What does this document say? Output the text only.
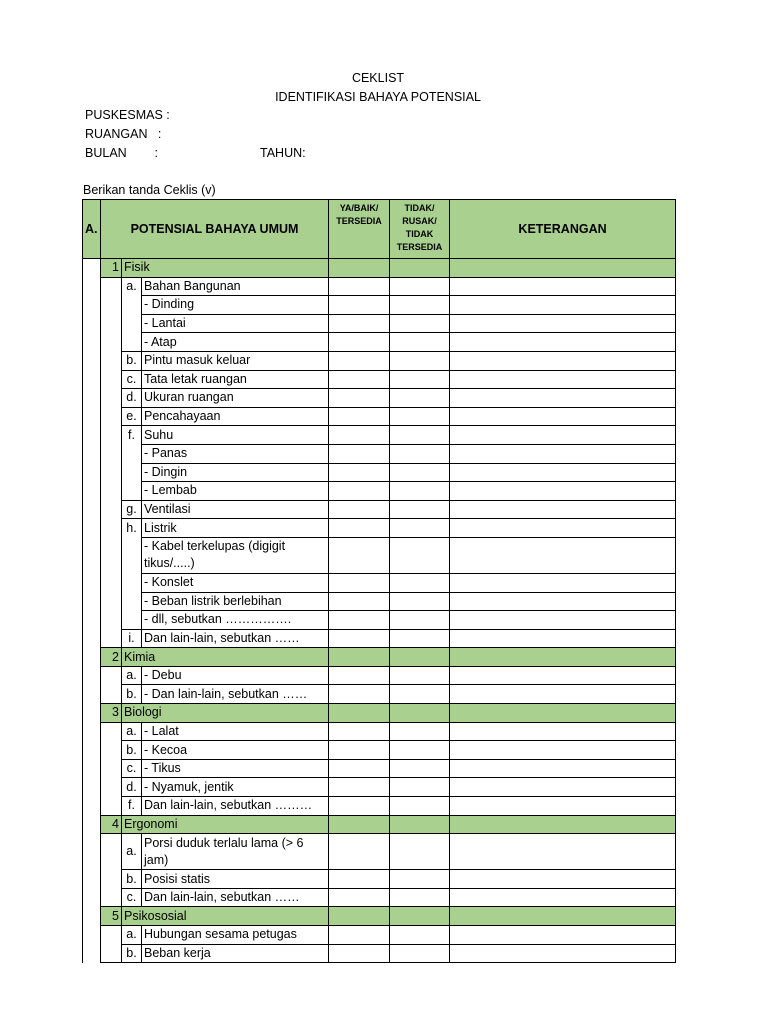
CEKLIST
IDENTIFIKASI BAHAYA POTENSIAL
PUSKESMAS :
RUANGAN   :
BULAN        :	TAHUN:
Berikan tanda Ceklis (v)
A.	POTENSIAL BAHAYA UMUM			YA/BAIK/ TERSEDIA	TIDAK/ RUSAK/ TIDAK TERSEDIA	KETERANGAN
	1	Fisik				
		a.	Bahan Bangunan			
			- Dinding			
			- Lantai			
			- Atap			
		b.	Pintu masuk keluar			
		c.	Tata letak ruangan			
		d.	Ukuran ruangan			
		e.	Pencahayaan			
		f.	Suhu			
			- Panas			
			- Dingin			
			- Lembab			
		g.	Ventilasi			
		h.	Listrik			
			- Kabel terkelupas (digigit tikus/.....)			
			- Konslet			
			- Beban listrik berlebihan			
			- dll, sebutkan …………….			
		i.	Dan lain-lain, sebutkan ……			
	2	Kimia				
		a.	- Debu			
		b.	- Dan lain-lain, sebutkan ……			
	3	Biologi				
		a.	- Lalat			
		b.	- Kecoa			
		c.	- Tikus			
		d.	- Nyamuk, jentik			
		f.	Dan lain-lain, sebutkan ………			
	4	Ergonomi				
		a.	Porsi duduk terlalu lama (> 6 jam)			
		b.	Posisi statis			
		c.	Dan lain-lain, sebutkan ……			
	5	Psikososial				
		a.	Hubungan sesama petugas			
		b.	Beban kerja			
